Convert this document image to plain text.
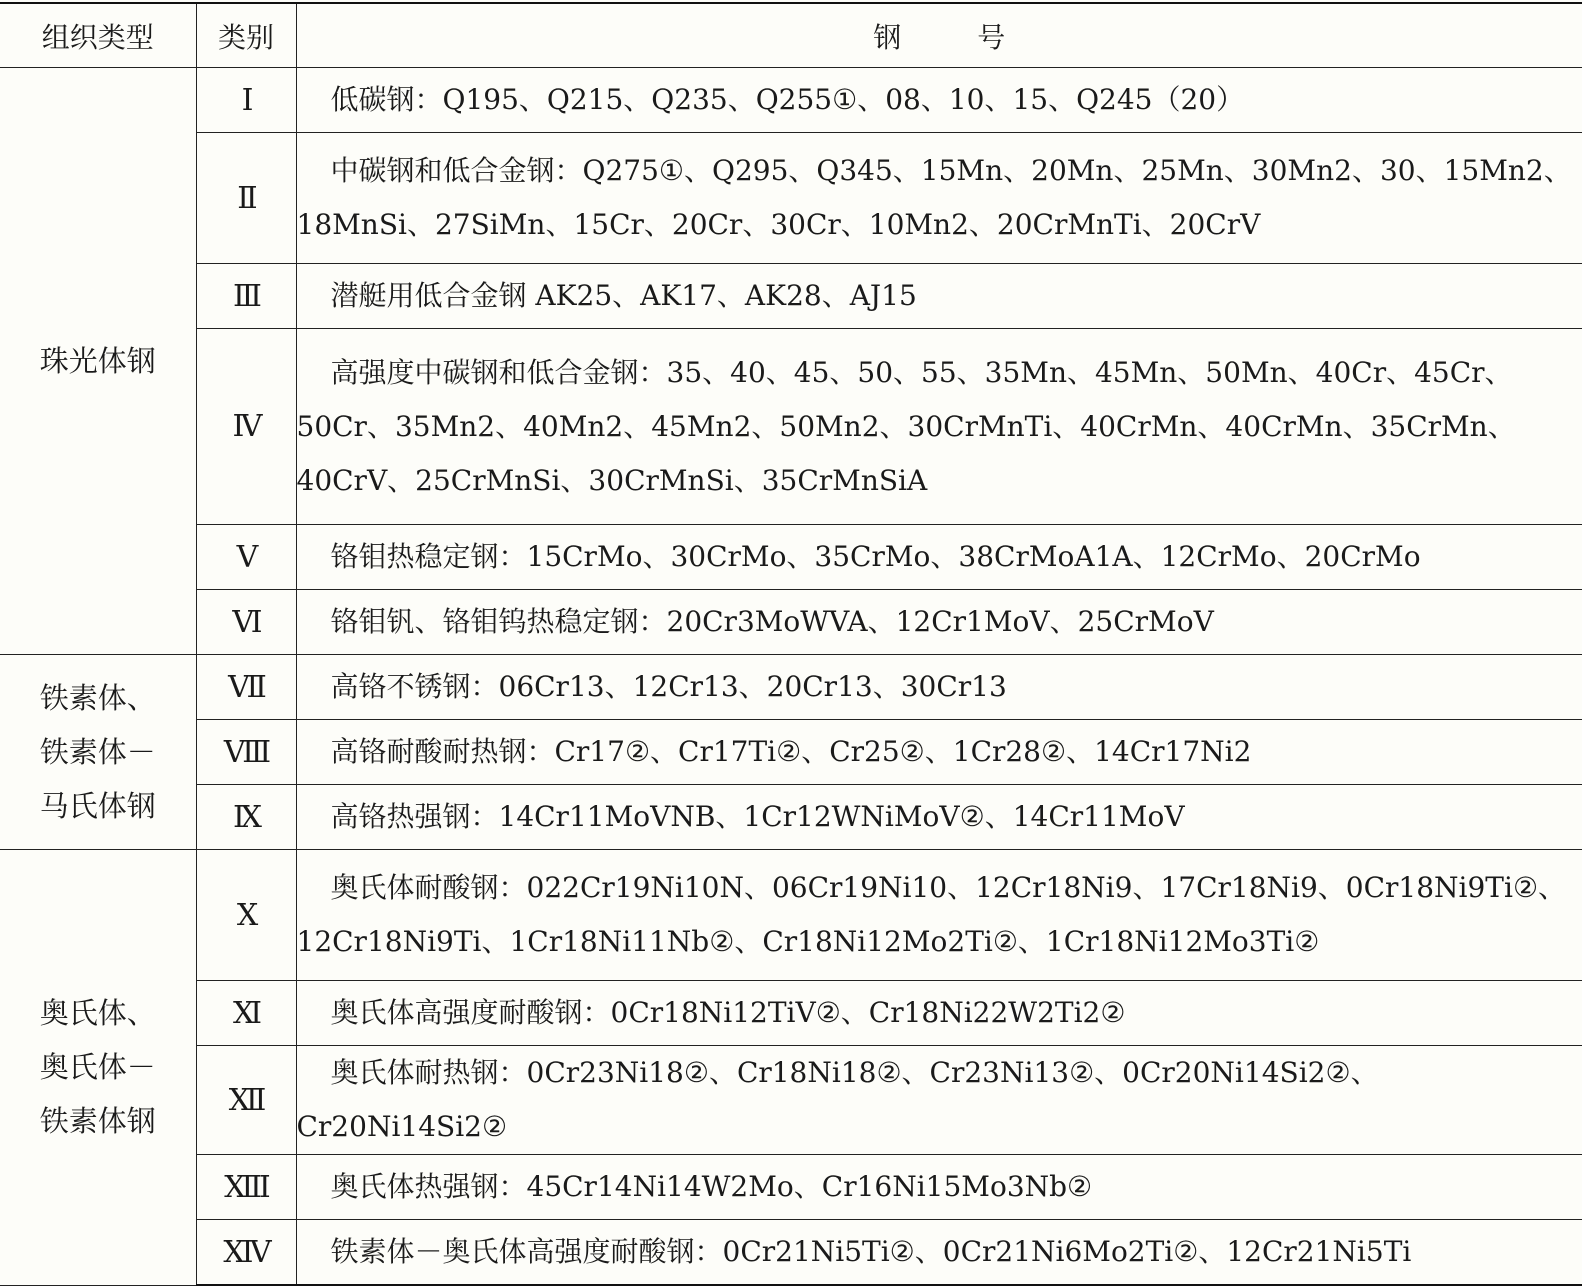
组织类型	类别	钢 号

珠光体钢	Ⅰ	低碳钢：Q195、Q215、Q235、Q255①、08、10、15、Q245（20）
	Ⅱ	中碳钢和低合金钢：Q275①、Q295、Q345、15Mn、20Mn、25Mn、30Mn2、30、15Mn2、18MnSi、27SiMn、15Cr、20Cr、30Cr、10Mn2、20CrMnTi、20CrV
	Ⅲ	潜艇用低合金钢 AK25、AK17、AK28、AJ15
	Ⅳ	高强度中碳钢和低合金钢：35、40、45、50、55、35Mn、45Mn、50Mn、40Cr、45Cr、50Cr、35Mn2、40Mn2、45Mn2、50Mn2、30CrMnTi、40CrMn、40CrMn、35CrMn、40CrV、25CrMnSi、30CrMnSi、35CrMnSiA
	Ⅴ	铬钼热稳定钢：15CrMo、30CrMo、35CrMo、38CrMoA1A、12CrMo、20CrMo
	Ⅵ	铬钼钒、铬钼钨热稳定钢：20Cr3MoWVA、12Cr1MoV、25CrMoV

铁素体、
铁素体－
马氏体钢	Ⅶ	高铬不锈钢：06Cr13、12Cr13、20Cr13、30Cr13
	Ⅷ	高铬耐酸耐热钢：Cr17②、Cr17Ti②、Cr25②、1Cr28②、14Cr17Ni2
	Ⅸ	高铬热强钢：14Cr11MoVNB、1Cr12WNiMoV②、14Cr11MoV

奥氏体、
奥氏体－
铁素体钢	Ⅹ	奥氏体耐酸钢：022Cr19Ni10N、06Cr19Ni10、12Cr18Ni9、17Cr18Ni9、0Cr18Ni9Ti②、12Cr18Ni9Ti、1Cr18Ni11Nb②、Cr18Ni12Mo2Ti②、1Cr18Ni12Mo3Ti②
	Ⅺ	奥氏体高强度耐酸钢：0Cr18Ni12TiV②、Cr18Ni22W2Ti2②
	Ⅻ	奥氏体耐热钢：0Cr23Ni18②、Cr18Ni18②、Cr23Ni13②、0Cr20Ni14Si2②、Cr20Ni14Si2②
	ⅫⅠ	奥氏体热强钢：45Cr14Ni14W2Mo、Cr16Ni15Mo3Nb②
	ⅩⅣ	铁素体－奥氏体高强度耐酸钢：0Cr21Ni5Ti②、0Cr21Ni6Mo2Ti②、12Cr21Ni5Ti
